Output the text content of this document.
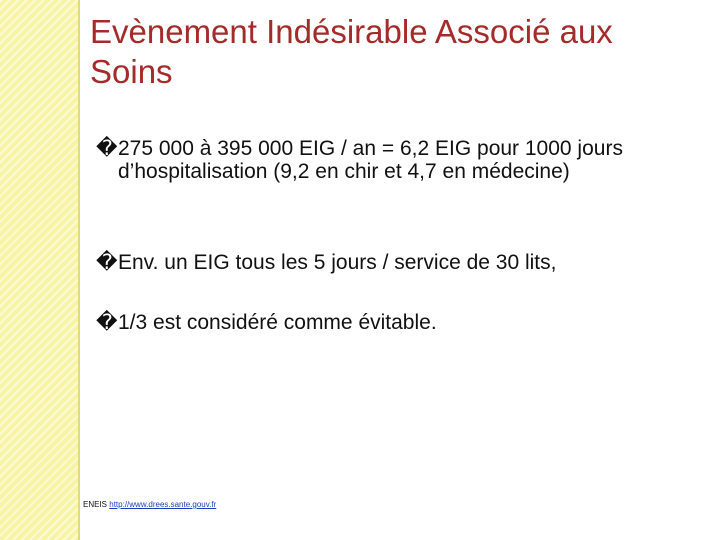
Evènement Indésirable Associé aux Soins
� 275 000 à 395 000 EIG / an = 6,2 EIG pour 1000 jours d’hospitalisation (9,2 en chir et 4,7 en médecine)
� Env. un EIG tous les 5 jours / service de 30 lits,
� 1/3 est considéré comme évitable.
ENEIS http://www.drees.sante.gouv.fr
